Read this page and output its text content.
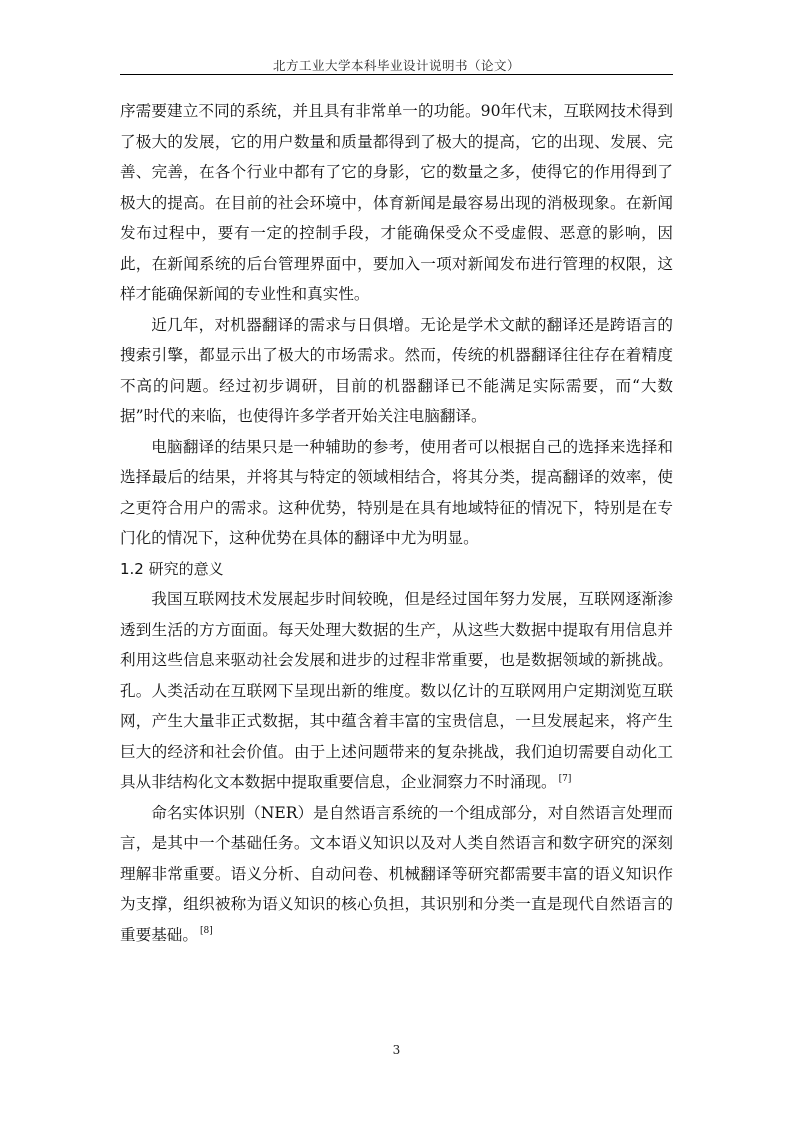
北方工业大学本科毕业设计说明书（论文）

序需要建立不同的系统，并且具有非常单一的功能。90年代末，互联网技术得到了极大的发展，它的用户数量和质量都得到了极大的提高，它的出现、发展、完善、完善，在各个行业中都有了它的身影，它的数量之多，使得它的作用得到了极大的提高。在目前的社会环境中，体育新闻是最容易出现的消极现象。在新闻发布过程中，要有一定的控制手段，才能确保受众不受虚假、恶意的影响，因此，在新闻系统的后台管理界面中，要加入一项对新闻发布进行管理的权限，这样才能确保新闻的专业性和真实性。

近几年，对机器翻译的需求与日俱增。无论是学术文献的翻译还是跨语言的搜索引擎，都显示出了极大的市场需求。然而，传统的机器翻译往往存在着精度不高的问题。经过初步调研，目前的机器翻译已不能满足实际需要，而“大数据”时代的来临，也使得许多学者开始关注电脑翻译。

电脑翻译的结果只是一种辅助的参考，使用者可以根据自己的选择来选择和选择最后的结果，并将其与特定的领域相结合，将其分类，提高翻译的效率，使之更符合用户的需求。这种优势，特别是在具有地域特征的情况下，特别是在专门化的情况下，这种优势在具体的翻译中尤为明显。

1.2 研究的意义

我国互联网技术发展起步时间较晚，但是经过国年努力发展，互联网逐渐渗透到生活的方方面面。每天处理大数据的生产，从这些大数据中提取有用信息并利用这些信息来驱动社会发展和进步的过程非常重要，也是数据领域的新挑战。孔。人类活动在互联网下呈现出新的维度。数以亿计的互联网用户定期浏览互联网，产生大量非正式数据，其中蕴含着丰富的宝贵信息，一旦发展起来，将产生巨大的经济和社会价值。由于上述问题带来的复杂挑战，我们迫切需要自动化工具从非结构化文本数据中提取重要信息，企业洞察力不时涌现。 [7]

命名实体识别（NER）是自然语言系统的一个组成部分，对自然语言处理而言，是其中一个基础任务。文本语义知识以及对人类自然语言和数字研究的深刻理解非常重要。语义分析、自动问卷、机械翻译等研究都需要丰富的语义知识作为支撑，组织被称为语义知识的核心负担，其识别和分类一直是现代自然语言的重要基础。 [8]

3
